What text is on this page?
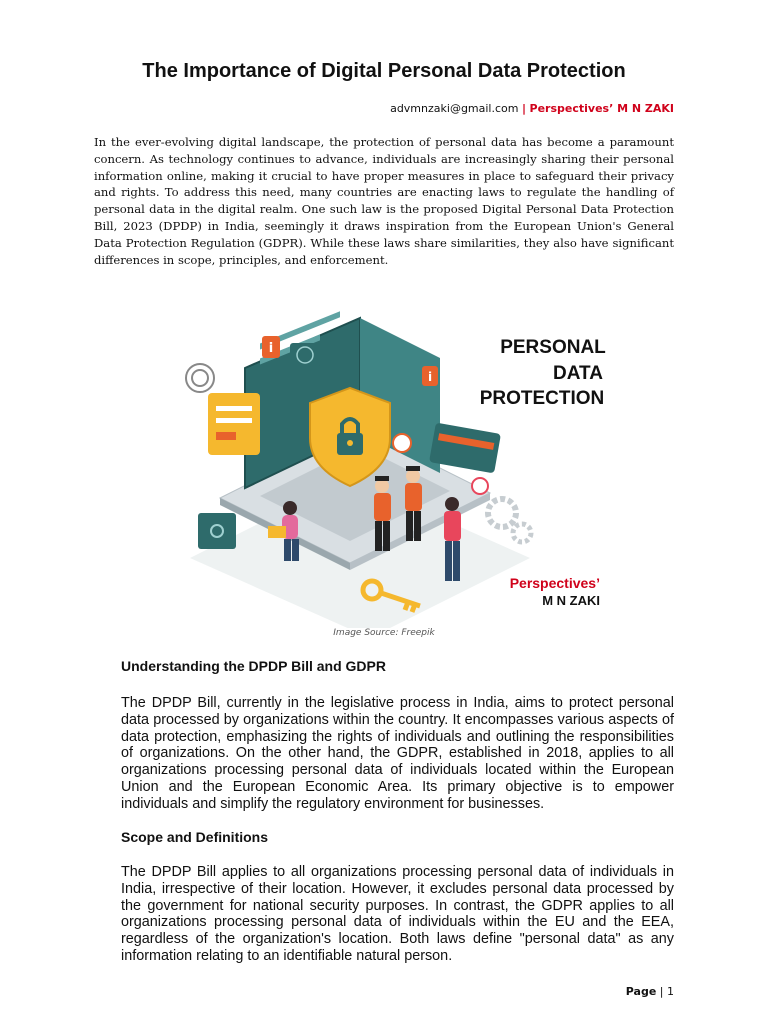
The Importance of Digital Personal Data Protection
advmnzaki@gmail.com | Perspectives’ M N ZAKI

In the ever-evolving digital landscape, the protection of personal data has become a paramount concern. As technology continues to advance, individuals are increasingly sharing their personal information online, making it crucial to have proper measures in place to safeguard their privacy and rights. To address this need, many countries are enacting laws to regulate the handling of personal data in the digital realm. One such law is the proposed Digital Personal Data Protection Bill, 2023 (DPDP) in India, seemingly it draws inspiration from the European Union's General Data Protection Regulation (GDPR). While these laws share similarities, they also have significant differences in scope, principles, and enforcement.

i
i
PERSONAL
DATA
PROTECTION
Perspectives’
M N ZAKI
Image Source: Freepik
Understanding the DPDP Bill and GDPR

The DPDP Bill, currently in the legislative process in India, aims to protect personal data processed by organizations within the country. It encompasses various aspects of data protection, emphasizing the rights of individuals and outlining the responsibilities of organizations. On the other hand, the GDPR, established in 2018, applies to all organizations processing personal data of individuals located within the European Union and the European Economic Area. Its primary objective is to empower individuals and simplify the regulatory environment for businesses.

Scope and Definitions

The DPDP Bill applies to all organizations processing personal data of individuals in India, irrespective of their location. However, it excludes personal data processed by the government for national security purposes. In contrast, the GDPR applies to all organizations processing personal data of individuals within the EU and the EEA, regardless of the organization's location. Both laws define "personal data" as any information relating to an identifiable natural person.

Page | 1
